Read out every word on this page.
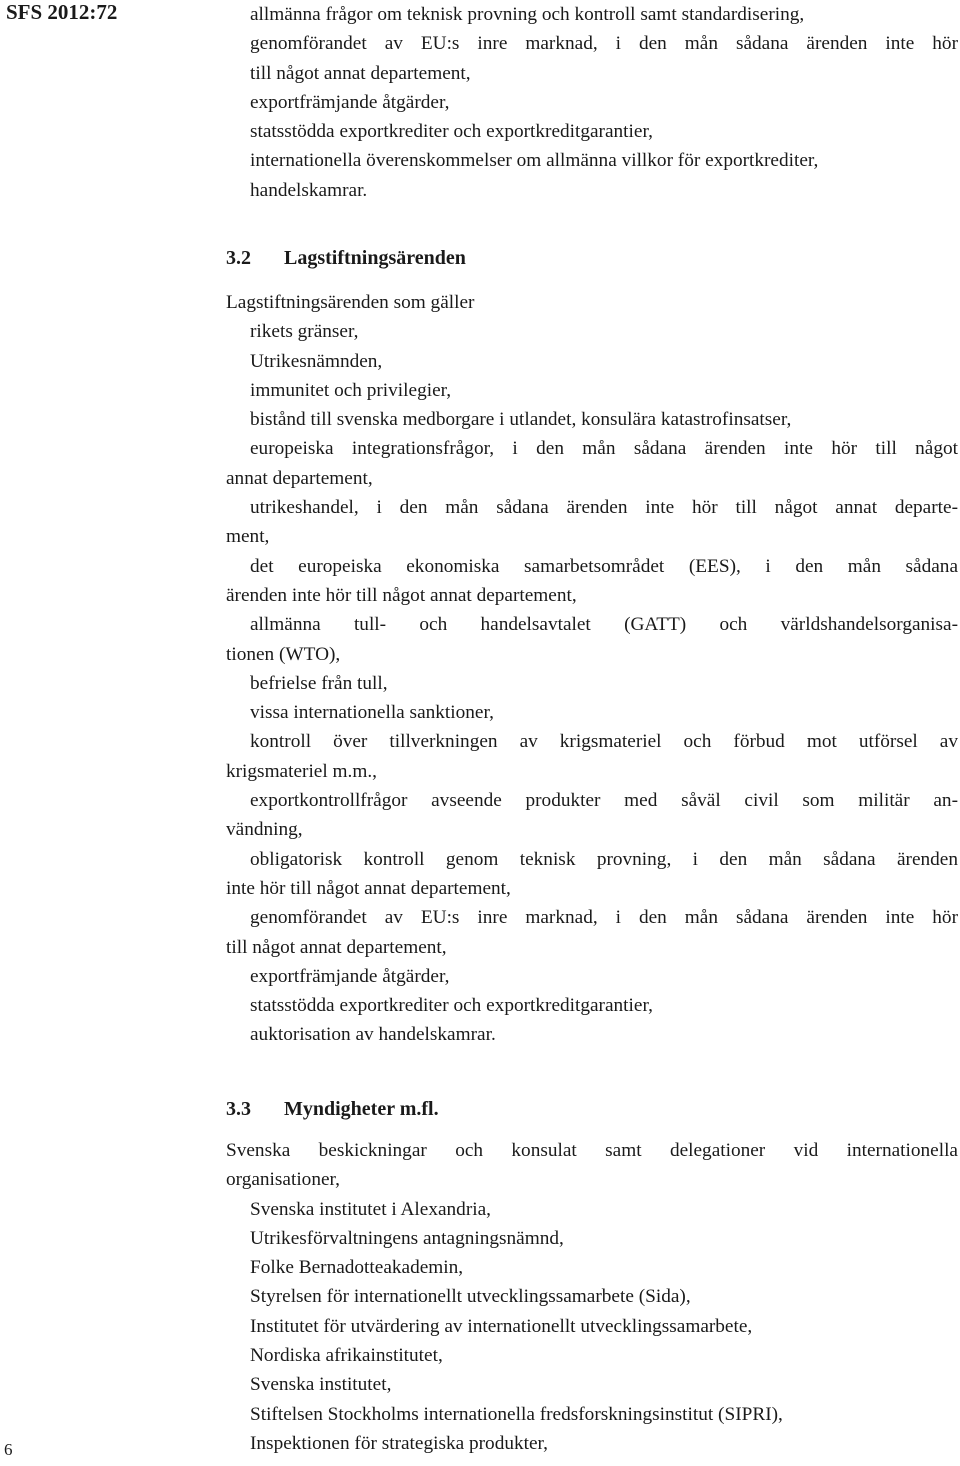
SFS 2012:72
6
allmänna frågor om teknisk provning och kontroll samt standardisering,
genomförandet av EU:s inre marknad, i den mån sådana ärenden inte hör
till något annat departement,
exportfrämjande åtgärder,
statsstödda exportkrediter och exportkreditgarantier,
internationella överenskommelser om allmänna villkor för exportkrediter,
handelskamrar.
3.2 Lagstiftningsärenden
Lagstiftningsärenden som gäller
rikets gränser,
Utrikesnämnden,
immunitet och privilegier,
bistånd till svenska medborgare i utlandet, konsulära katastrofinsatser,
europeiska integrationsfrågor, i den mån sådana ärenden inte hör till något
annat departement,
utrikeshandel, i den mån sådana ärenden inte hör till något annat departe-
ment,
det europeiska ekonomiska samarbetsområdet (EES), i den mån sådana
ärenden inte hör till något annat departement,
allmänna tull- och handelsavtalet (GATT) och världshandelsorganisa-
tionen (WTO),
befrielse från tull,
vissa internationella sanktioner,
kontroll över tillverkningen av krigsmateriel och förbud mot utförsel av
krigsmateriel m.m.,
exportkontrollfrågor avseende produkter med såväl civil som militär an-
vändning,
obligatorisk kontroll genom teknisk provning, i den mån sådana ärenden
inte hör till något annat departement,
genomförandet av EU:s inre marknad, i den mån sådana ärenden inte hör
till något annat departement,
exportfrämjande åtgärder,
statsstödda exportkrediter och exportkreditgarantier,
auktorisation av handelskamrar.
3.3 Myndigheter m.fl.
Svenska beskickningar och konsulat samt delegationer vid internationella
organisationer,
Svenska institutet i Alexandria,
Utrikesförvaltningens antagningsnämnd,
Folke Bernadotteakademin,
Styrelsen för internationellt utvecklingssamarbete (Sida),
Institutet för utvärdering av internationellt utvecklingssamarbete,
Nordiska afrikainstitutet,
Svenska institutet,
Stiftelsen Stockholms internationella fredsforskningsinstitut (SIPRI),
Inspektionen för strategiska produkter,
